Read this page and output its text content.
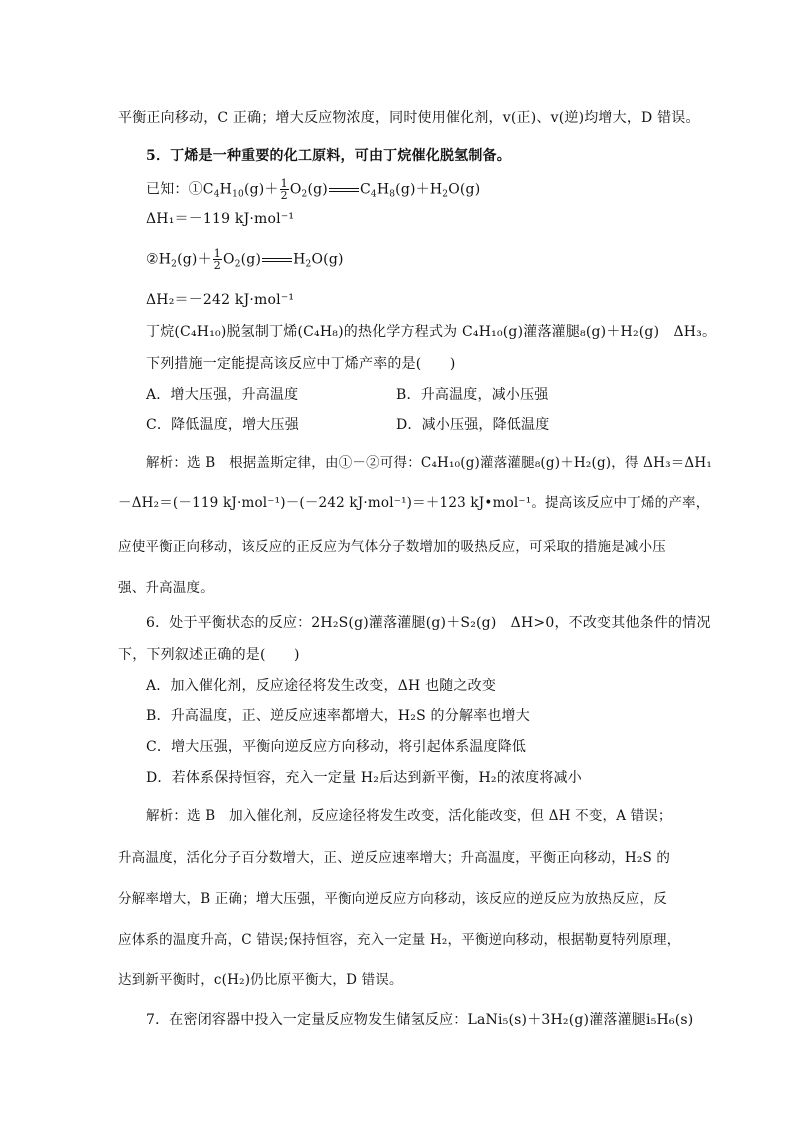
平衡正向移动，C 正确；增大反应物浓度，同时使用催化剂，v(正)、v(逆)均增大，D 错误。
5．丁烯是一种重要的化工原料，可由丁烷催化脱氢制备。
已知：$①C_4H_{10}(g)+ \frac{1}{2} O_2(g)$ $C_4H_8(g)+H_2O(g)$
ΔH₁＝－119 kJ·mol⁻¹
$②H_2(g)+ \frac{1}{2} O_2(g)$ $H_2O(g)$
ΔH₂＝－242 kJ·mol⁻¹
丁烷(C₄H₁₀)脱氢制丁烯(C₄H₈)的热化学方程式为 C₄H₁₀(g)灌落灌腿₈(g)＋H₂(g)　ΔH₃。
下列措施一定能提高该反应中丁烯产率的是(　　)
A．增大压强，升高温度	B．升高温度，减小压强
C．降低温度，增大压强	D．减小压强，降低温度
解析：选 B　根据盖斯定律，由①－②可得：C₄H₁₀(g)灌落灌腿₈(g)＋H₂(g)，得 ΔH₃＝ΔH₁
－ΔH₂＝(－119 kJ·mol⁻¹)－(－242 kJ·mol⁻¹)＝＋123 kJ•mol⁻¹。提高该反应中丁烯的产率，
应使平衡正向移动，该反应的正反应为气体分子数增加的吸热反应，可采取的措施是减小压
强、升高温度。
6．处于平衡状态的反应：2H₂S(g)灌落灌腿(g)＋S₂(g)　ΔH>0，不改变其他条件的情况
下，下列叙述正确的是(　　)
A．加入催化剂，反应途径将发生改变，ΔH 也随之改变
B．升高温度，正、逆反应速率都增大，H₂S 的分解率也增大
C．增大压强，平衡向逆反应方向移动，将引起体系温度降低
D．若体系保持恒容，充入一定量 H₂后达到新平衡，H₂的浓度将减小
解析：选 B　加入催化剂，反应途径将发生改变，活化能改变，但 ΔH 不变，A 错误；
升高温度，活化分子百分数增大，正、逆反应速率增大；升高温度，平衡正向移动，H₂S 的
分解率增大，B 正确；增大压强，平衡向逆反应方向移动，该反应的逆反应为放热反应，反
应体系的温度升高，C 错误;保持恒容，充入一定量 H₂，平衡逆向移动，根据勒夏特列原理，
达到新平衡时，c(H₂)仍比原平衡大，D 错误。
7．在密闭容器中投入一定量反应物发生储氢反应：LaNi₅(s)＋3H₂(g)灌落灌腿i₅H₆(s)
